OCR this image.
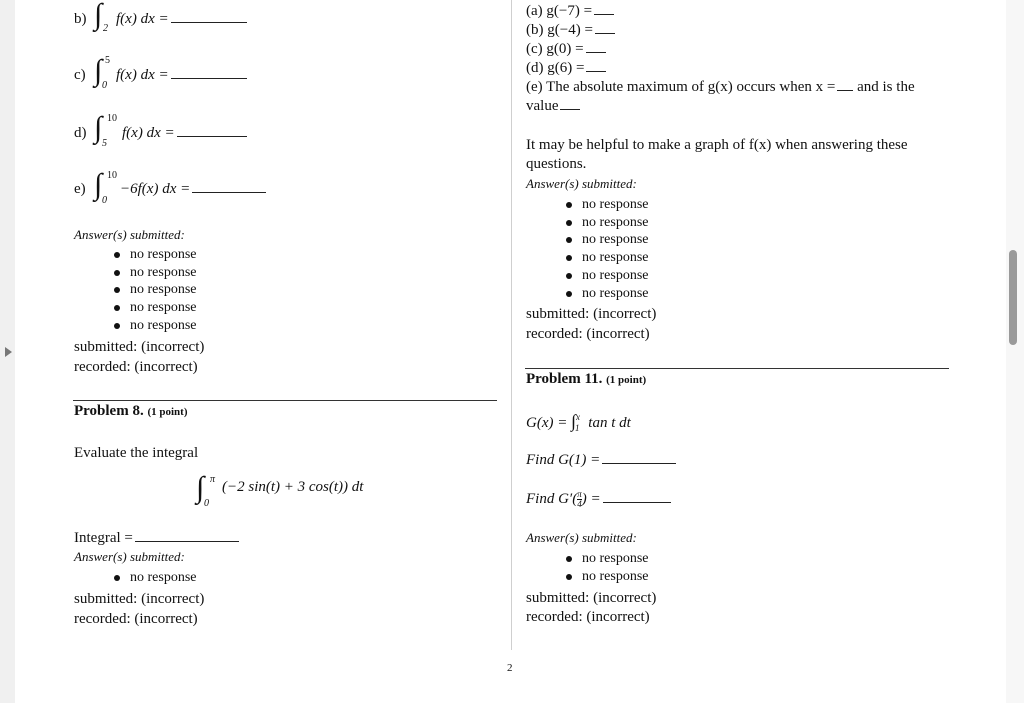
b) ∫ 2
f(x) dx =
c) ∫ 5
0
f(x) dx =
d) ∫ 10
5
f(x) dx =
e) ∫ 10
0
−6f(x) dx =
Answer(s) submitted:
no response
no response
no response
no response
no response
submitted: (incorrect)
recorded: (incorrect)
Problem 8. (1 point)
Evaluate the integral
∫ π
0
(−2 sin(t) + 3 cos(t)) dt
Integral =
Answer(s) submitted:
no response
submitted: (incorrect)
recorded: (incorrect)
(a) g(−7) =
(b) g(−4) =
(c) g(0) =
(d) g(6) =
(e) The absolute maximum of g(x) occurs when x = and is the
value
It may be helpful to make a graph of f(x) when answering these
questions.
Answer(s) submitted:
no response
no response
no response
no response
no response
no response
submitted: (incorrect)
recorded: (incorrect)
Problem 11. (1 point)
G(x) = ∫$^x_1$ tan t dt
Find G(1) =
Find $G'( \frac{\pi}{4}$ ) =
Answer(s) submitted:
no response
no response
submitted: (incorrect)
recorded: (incorrect)
2
